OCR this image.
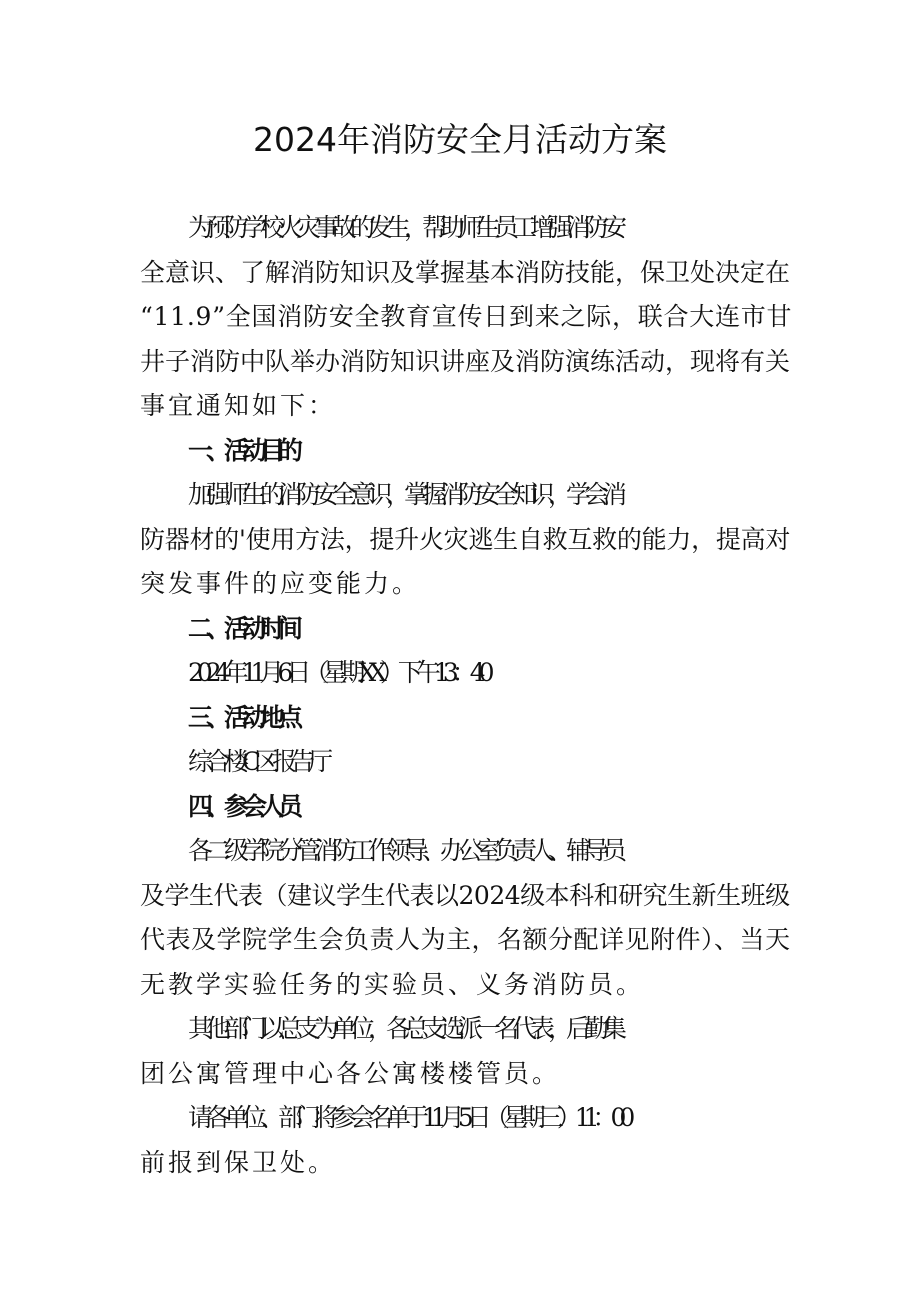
2024年消防安全月活动方案
为预防学校火灾事故的发生，帮助师生员工增强消防安
全意识、了解消防知识及掌握基本消防技能，保卫处决定在
“11.9”全国消防安全教育宣传日到来之际，联合大连市甘
井子消防中队举办消防知识讲座及消防演练活动，现将有关
事宜通知如下：
一、活动目的
加强师生的消防安全意识，掌握消防安全知识，学会消
防器材的'使用方法，提升火灾逃生自救互救的能力，提高对
突发事件的应变能力。
二、活动时间
2024年11月6日（星期XX）下午13：40
三、活动地点
综合楼C区报告厅
四、参会人员
各二级学院分管消防工作领导、办公室负责人、辅导员
及学生代表（建议学生代表以2024级本科和研究生新生班级
代表及学院学生会负责人为主，名额分配详见附件）、当天
无教学实验任务的实验员、义务消防员。
其他部门以总支为单位，各总支选派一名代表，后勤集
团公寓管理中心各公寓楼楼管员。
请各单位、部门将参会名单于11月5日（星期三）11：00
前报到保卫处。
